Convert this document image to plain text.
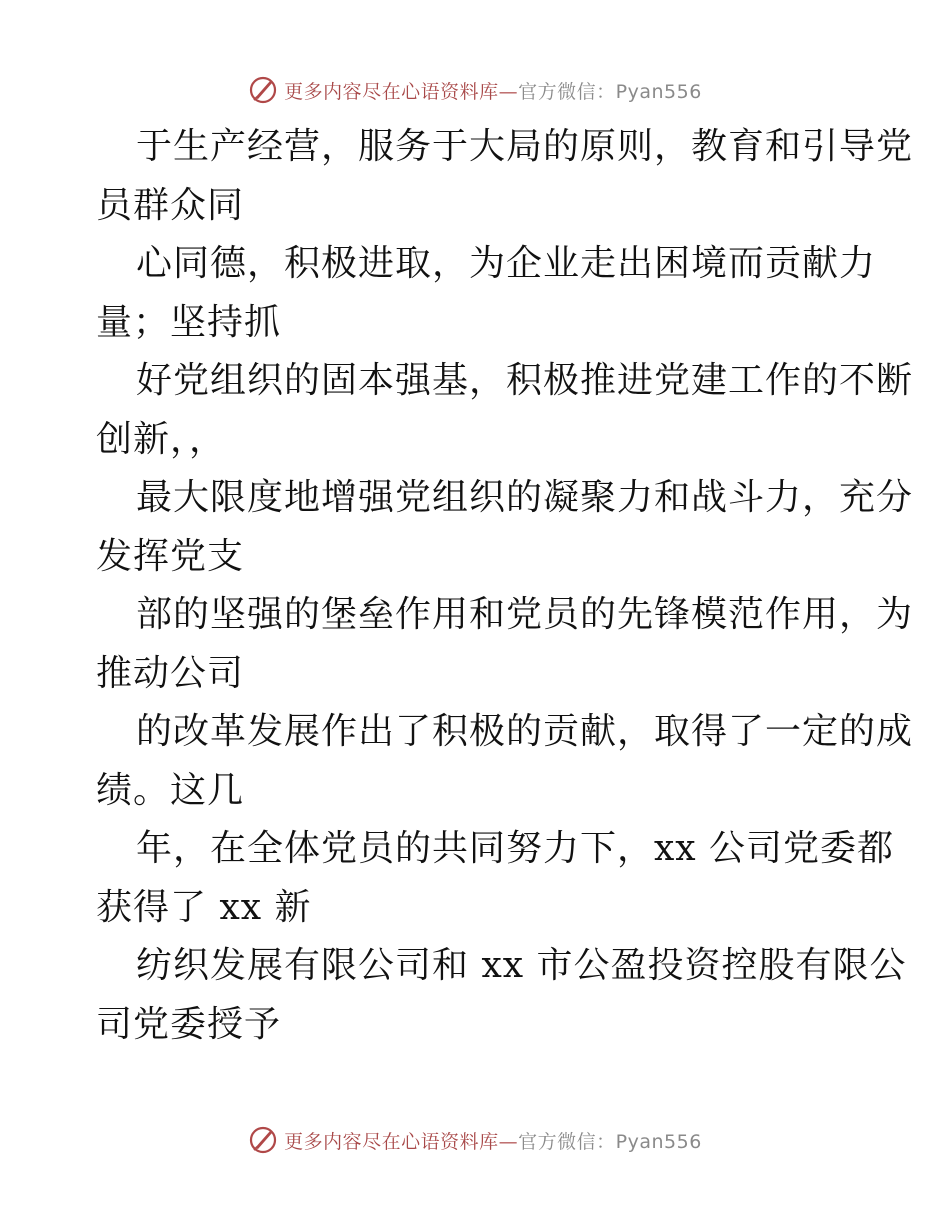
更多内容尽在心语资料库—官方微信：Pyan556
于生产经营，服务于大局的原则，教育和引导党
员群众同
心同德，积极进取，为企业走出困境而贡献力
量；坚持抓
好党组织的固本强基，积极推进党建工作的不断
创新，，
最大限度地增强党组织的凝聚力和战斗力，充分
发挥党支
部的坚强的堡垒作用和党员的先锋模范作用，为
推动公司
的改革发展作出了积极的贡献，取得了一定的成
绩。这几
年，在全体党员的共同努力下，xx 公司党委都
获得了 xx 新
纺织发展有限公司和 xx 市公盈投资控股有限公
司党委授予
更多内容尽在心语资料库—官方微信：Pyan556
